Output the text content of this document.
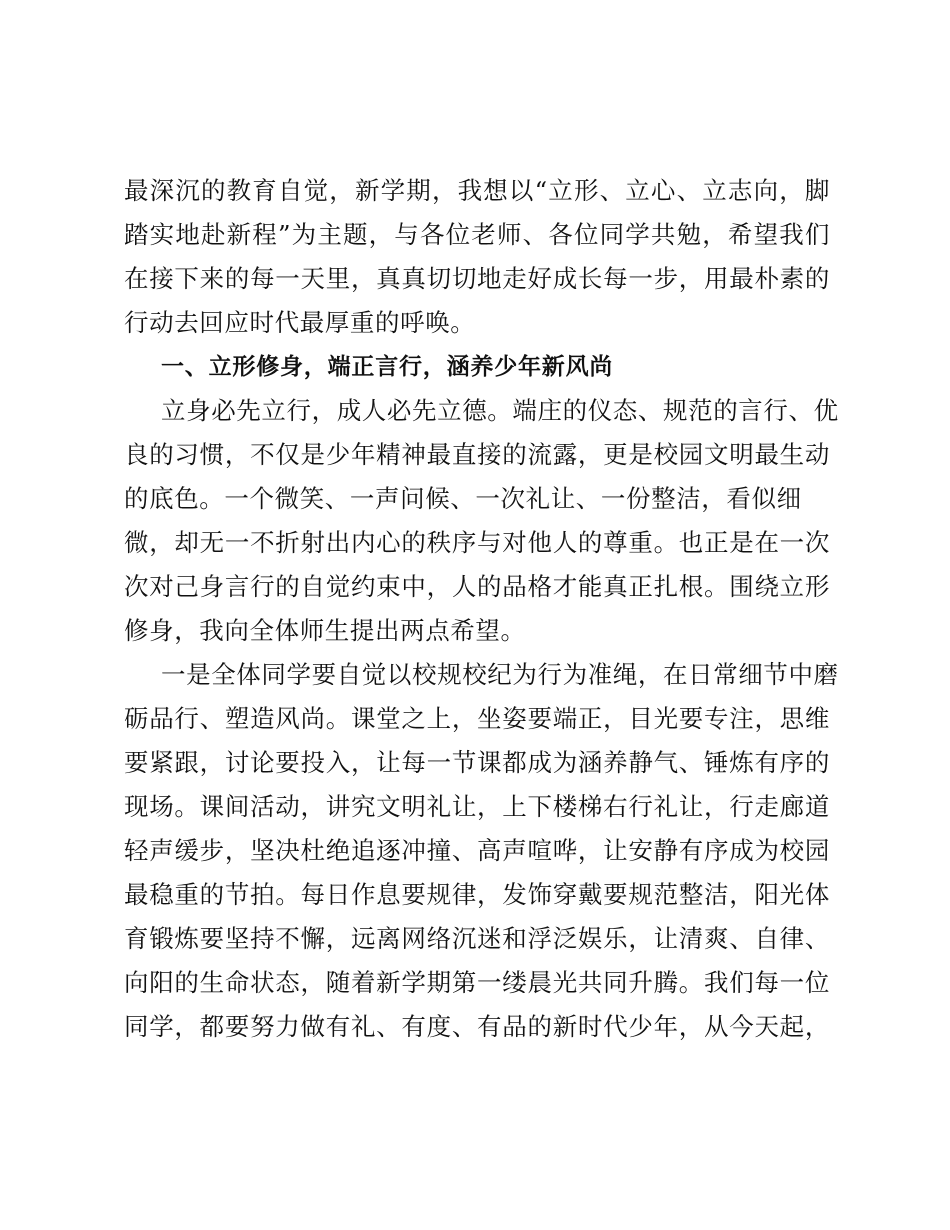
最深沉的教育自觉，新学期，我想以“立形、立心、立志向，脚
踏实地赴新程”为主题，与各位老师、各位同学共勉，希望我们
在接下来的每一天里，真真切切地走好成长每一步，用最朴素的
行动去回应时代最厚重的呼唤。
一、立形修身，端正言行，涵养少年新风尚
立身必先立行，成人必先立德。端庄的仪态、规范的言行、优
良的习惯，不仅是少年精神最直接的流露，更是校园文明最生动
的底色。一个微笑、一声问候、一次礼让、一份整洁，看似细
微，却无一不折射出内心的秩序与对他人的尊重。也正是在一次
次对己身言行的自觉约束中，人的品格才能真正扎根。围绕立形
修身，我向全体师生提出两点希望。
一是全体同学要自觉以校规校纪为行为准绳，在日常细节中磨
砺品行、塑造风尚。课堂之上，坐姿要端正，目光要专注，思维
要紧跟，讨论要投入，让每一节课都成为涵养静气、锤炼有序的
现场。课间活动，讲究文明礼让，上下楼梯右行礼让，行走廊道
轻声缓步，坚决杜绝追逐冲撞、高声喧哗，让安静有序成为校园
最稳重的节拍。每日作息要规律，发饰穿戴要规范整洁，阳光体
育锻炼要坚持不懈，远离网络沉迷和浮泛娱乐，让清爽、自律、
向阳的生命状态，随着新学期第一缕晨光共同升腾。我们每一位
同学，都要努力做有礼、有度、有品的新时代少年，从今天起，
